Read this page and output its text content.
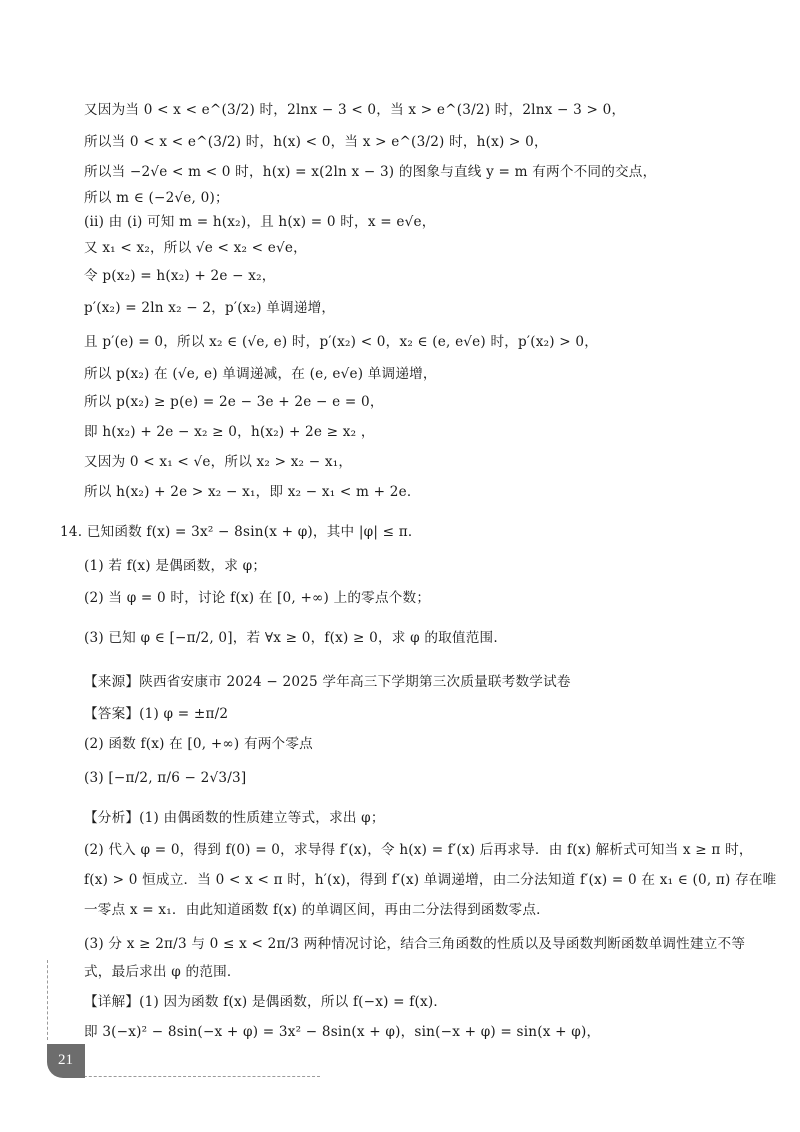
又因为当 0 < x < e^(3/2) 时，2lnx − 3 < 0，当 x > e^(3/2) 时，2lnx − 3 > 0，
所以当 0 < x < e^(3/2) 时，h(x) < 0，当 x > e^(3/2) 时，h(x) > 0，
所以当 −2√e < m < 0 时，h(x) = x(2ln x − 3) 的图象与直线 y = m 有两个不同的交点，
所以 m ∈ (−2√e, 0)；
(ii) 由 (i) 可知 m = h(x₂)，且 h(x) = 0 时，x = e√e，
又 x₁ < x₂，所以 √e < x₂ < e√e，
令 p(x₂) = h(x₂) + 2e − x₂，
p′(x₂) = 2ln x₂ − 2，p′(x₂) 单调递增，
且 p′(e) = 0，所以 x₂ ∈ (√e, e) 时，p′(x₂) < 0，x₂ ∈ (e, e√e) 时，p′(x₂) > 0，
所以 p(x₂) 在 (√e, e) 单调递减，在 (e, e√e) 单调递增，
所以 p(x₂) ≥ p(e) = 2e − 3e + 2e − e = 0，
即 h(x₂) + 2e − x₂ ≥ 0，h(x₂) + 2e ≥ x₂ ，
又因为 0 < x₁ < √e，所以 x₂ > x₂ − x₁，
所以 h(x₂) + 2e > x₂ − x₁，即 x₂ − x₁ < m + 2e．
14. 已知函数 f(x) = 3x² − 8sin(x + φ)，其中 |φ| ≤ π．
(1) 若 f(x) 是偶函数，求 φ；
(2) 当 φ = 0 时，讨论 f(x) 在 [0, +∞) 上的零点个数；
(3) 已知 φ ∈ [−π/2, 0]，若 ∀x ≥ 0，f(x) ≥ 0，求 φ 的取值范围.
【来源】陕西省安康市 2024 − 2025 学年高三下学期第三次质量联考数学试卷
【答案】(1) φ = ±π/2
(2) 函数 f(x) 在 [0, +∞) 有两个零点
(3) [−π/2, π/6 − 2√3/3]
【分析】(1) 由偶函数的性质建立等式，求出 φ；
(2) 代入 φ = 0，得到 f(0) = 0，求导得 f′(x)，令 h(x) = f′(x) 后再求导．由 f(x) 解析式可知当 x ≥ π 时，
f(x) > 0 恒成立．当 0 < x < π 时，h′(x)，得到 f′(x) 单调递增，由二分法知道 f′(x) = 0 在 x₁ ∈ (0, π) 存在唯
一零点 x = x₁．由此知道函数 f(x) 的单调区间，再由二分法得到函数零点．
(3) 分 x ≥ 2π/3 与 0 ≤ x < 2π/3 两种情况讨论，结合三角函数的性质以及导函数判断函数单调性建立不等
式，最后求出 φ 的范围．
【详解】(1) 因为函数 f(x) 是偶函数，所以 f(−x) = f(x)．
即 3(−x)² − 8sin(−x + φ) = 3x² − 8sin(x + φ)，sin(−x + φ) = sin(x + φ)，
21
